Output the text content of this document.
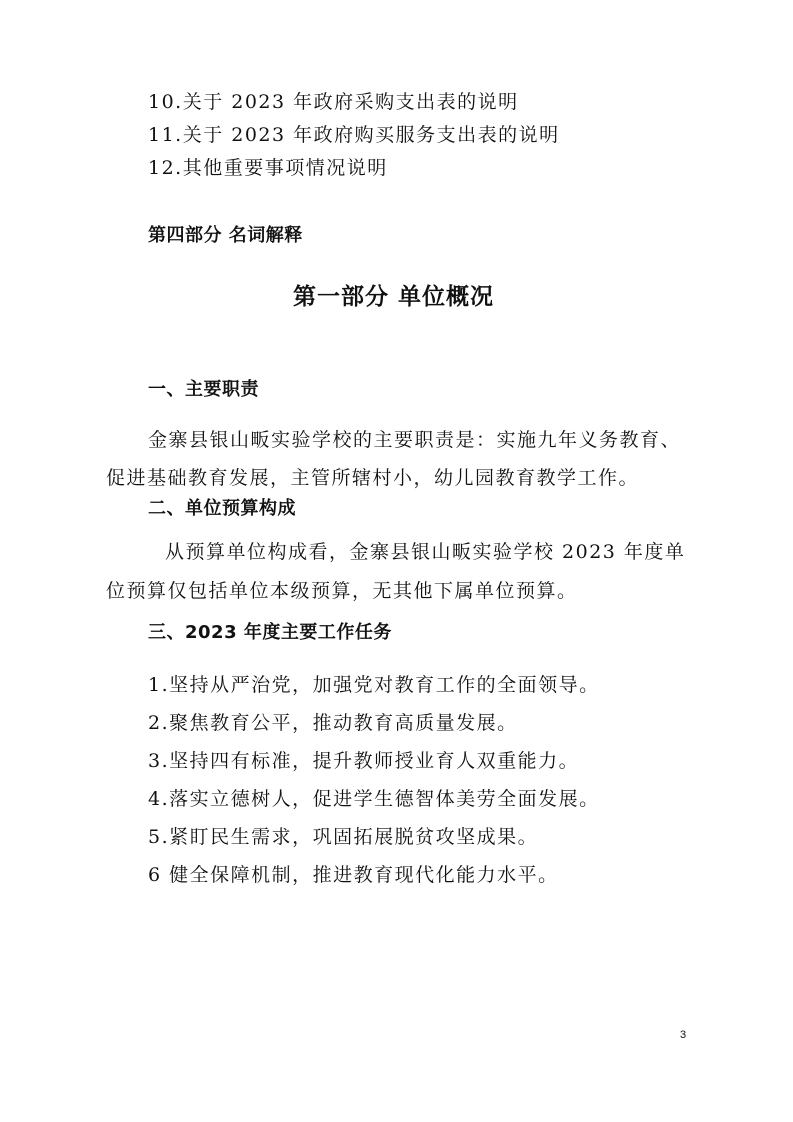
10.关于 2023 年政府采购支出表的说明
11.关于 2023 年政府购买服务支出表的说明
12.其他重要事项情况说明
第四部分 名词解释
第一部分 单位概况
一、主要职责
金寨县银山畈实验学校的主要职责是：实施九年义务教育、
促进基础教育发展，主管所辖村小，幼儿园教育教学工作。
二、单位预算构成
从预算单位构成看，金寨县银山畈实验学校 2023 年度单
位预算仅包括单位本级预算，无其他下属单位预算。
三、2023 年度主要工作任务
1.坚持从严治党，加强党对教育工作的全面领导。
2.聚焦教育公平，推动教育高质量发展。
3.坚持四有标准，提升教师授业育人双重能力。
4.落实立德树人，促进学生德智体美劳全面发展。
5.紧盯民生需求，巩固拓展脱贫攻坚成果。
6 健全保障机制，推进教育现代化能力水平。
3
